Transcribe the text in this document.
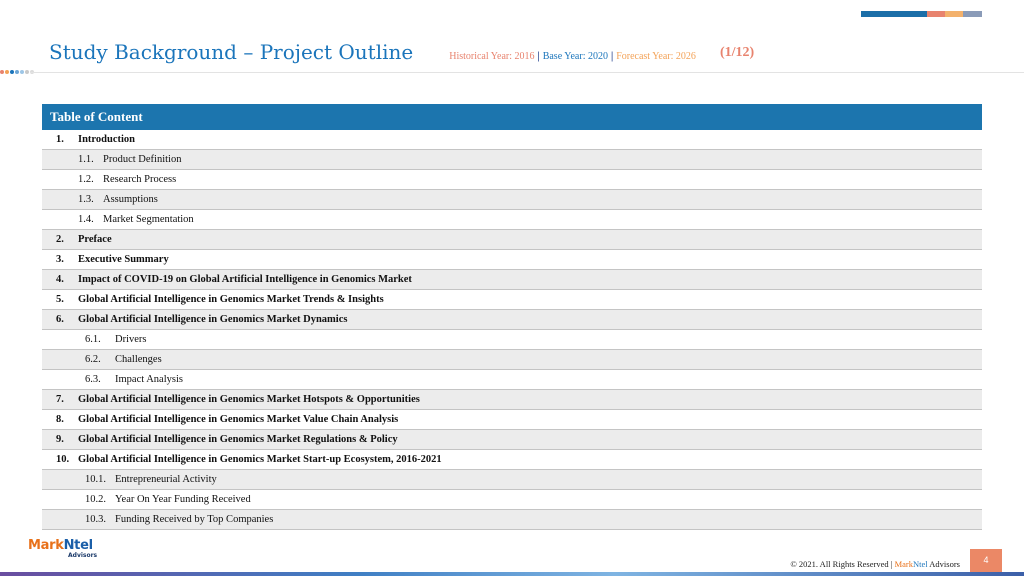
Study Background – Project Outline	Historical Year: 2016 | Base Year: 2020 | Forecast Year: 2026 (1/12)
Table of Content
1.	Introduction
1.1. Product Definition
1.2. Research Process
1.3. Assumptions
1.4. Market Segmentation
2.	Preface
3.	Executive Summary
4.	Impact of COVID-19 on Global Artificial Intelligence in Genomics Market
5.	Global Artificial Intelligence in Genomics Market Trends & Insights
6.	Global Artificial Intelligence in Genomics Market Dynamics
6.1.	Drivers
6.2.	Challenges
6.3.	Impact Analysis
7.	Global Artificial Intelligence in Genomics Market Hotspots & Opportunities
8.	Global Artificial Intelligence in Genomics Market Value Chain Analysis
9.	Global Artificial Intelligence in Genomics Market Regulations & Policy
10. Global Artificial Intelligence in Genomics Market Start-up Ecosystem, 2016-2021
10.1. Entrepreneurial Activity
10.2. Year On Year Funding Received
10.3. Funding Received by Top Companies
MarkNtel
Advisors
© 2021. All Rights Reserved | MarkNtel Advisors	4
